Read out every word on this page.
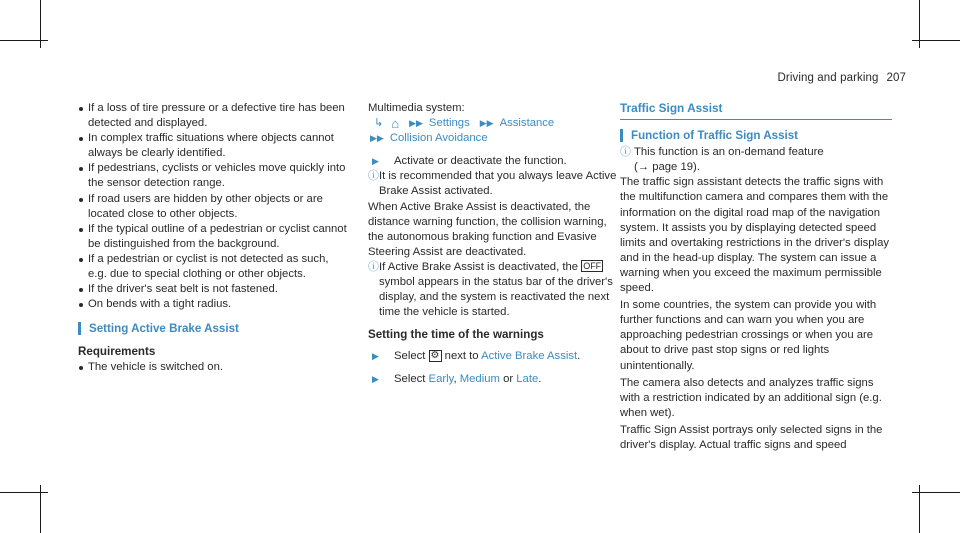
Driving and parking 207
If a loss of tire pressure or a defective tire has been detected and displayed.
In complex traffic situations where objects cannot always be clearly identified.
If pedestrians, cyclists or vehicles move quickly into the sensor detection range.
If road users are hidden by other objects or are located close to other objects.
If the typical outline of a pedestrian or cyclist cannot be distinguished from the background.
If a pedestrian or cyclist is not detected as such, e.g. due to special clothing or other objects.
If the driver's seat belt is not fastened.
On bends with a tight radius.
Setting Active Brake Assist
Requirements
The vehicle is switched on.
Multimedia system:
↳ ⌂ ▶▶ Settings ▶▶ Assistance
▶▶ Collision Avoidance
▶	Activate or deactivate the function.
ⓘ It is recommended that you always leave Active Brake Assist activated.
When Active Brake Assist is deactivated, the distance warning function, the collision warning, the autonomous braking function and Evasive Steering Assist are deactivated.
ⓘ If Active Brake Assist is deactivated, the OFF symbol appears in the status bar of the driver's display, and the system is reactivated the next time the vehicle is started.
Setting the time of the warnings
▶	Select ⚙ next to Active Brake Assist.
▶	Select Early, Medium or Late.
Traffic Sign Assist
Function of Traffic Sign Assist
ⓘ This function is an on-demand feature
(→ page 19).
The traffic sign assistant detects the traffic signs with the multifunction camera and compares them with the information on the digital road map of the navigation system. It assists you by displaying detected speed limits and overtaking restrictions in the driver's display and in the head-up display. The system can issue a warning when you exceed the maximum permissible speed.
In some countries, the system can provide you with further functions and can warn you when you are approaching pedestrian crossings or when you are about to drive past stop signs or red lights unintentionally.
The camera also detects and analyzes traffic signs with a restriction indicated by an additional sign (e.g. when wet).
Traffic Sign Assist portrays only selected signs in the driver's display. Actual traffic signs and speed
